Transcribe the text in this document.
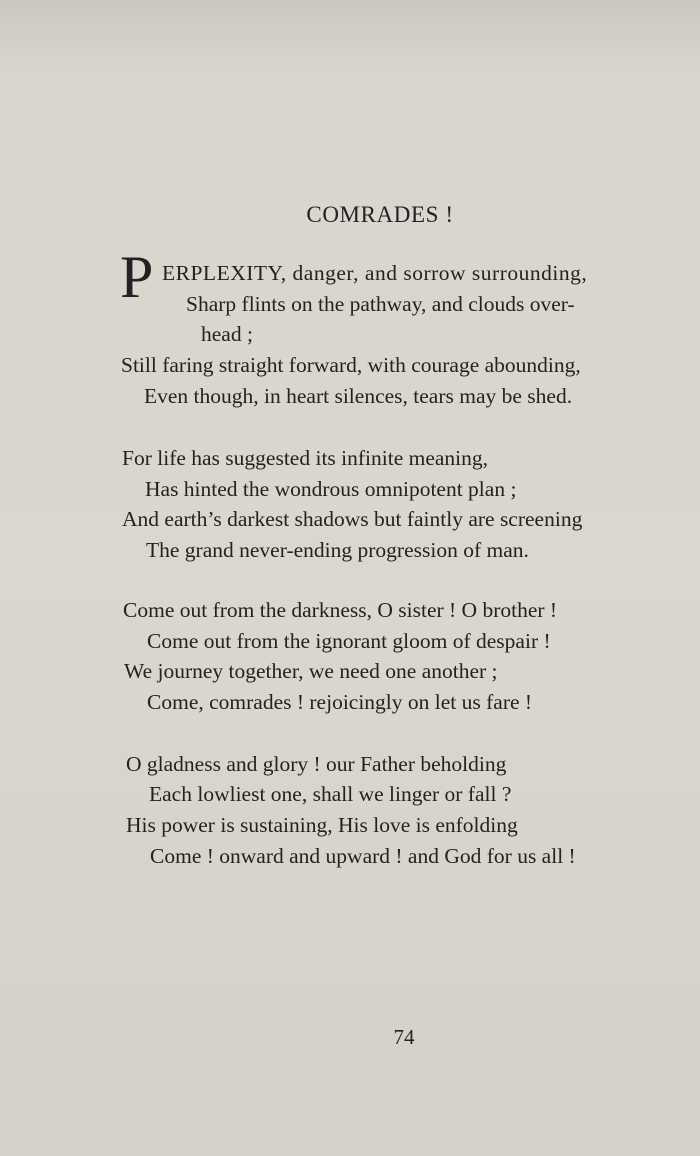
COMRADES !
P ERPLEXITY, danger, and sorrow surrounding,
Sharp flints on the pathway, and clouds over-
head ;
Still faring straight forward, with courage abounding,
Even though, in heart silences, tears may be shed.
For life has suggested its infinite meaning,
Has hinted the wondrous omnipotent plan ;
And earth’s darkest shadows but faintly are screening
The grand never-ending progression of man.
Come out from the darkness, O sister ! O brother !
Come out from the ignorant gloom of despair !
We journey together, we need one another ;
Come, comrades ! rejoicingly on let us fare !
O gladness and glory ! our Father beholding
Each lowliest one, shall we linger or fall ?
His power is sustaining, His love is enfolding
Come ! onward and upward ! and God for us all !
74
